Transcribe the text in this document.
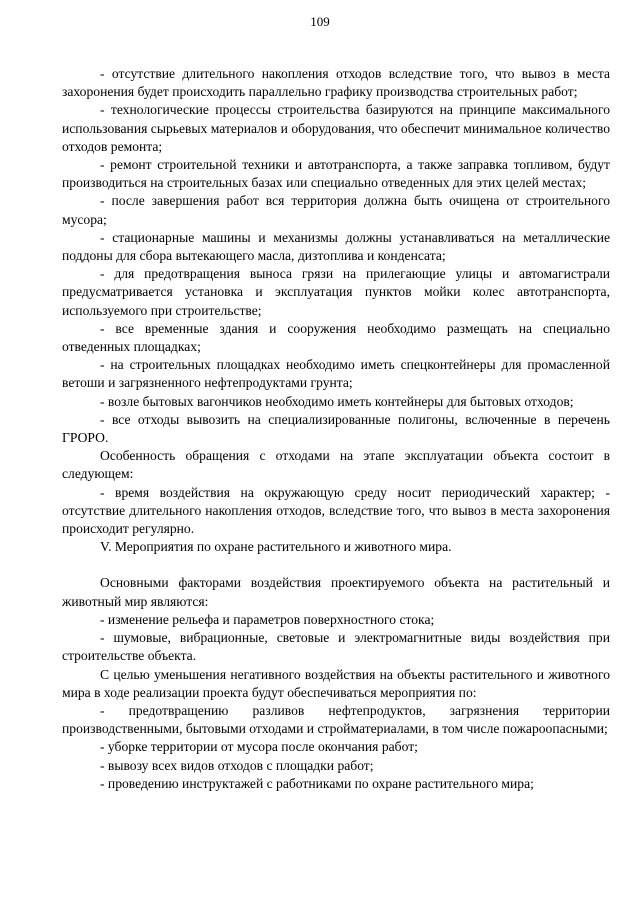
109

- отсутствие длительного накопления отходов вследствие того, что вывоз в места захоронения будет происходить параллельно графику производства строительных работ;

- технологические процессы строительства базируются на принципе максимального использования сырьевых материалов и оборудования, что обеспечит минимальное количество отходов ремонта;

- ремонт строительной техники и автотранспорта, а также заправка топливом, будут производиться на строительных базах или специально отведенных для этих целей местах;

- после завершения работ вся территория должна быть очищена от строительного мусора;

- стационарные машины и механизмы должны устанавливаться на металлические поддоны для сбора вытекающего масла, дизтоплива и конденсата;

- для предотвращения выноса грязи на прилегающие улицы и автомагистрали предусматривается установка и эксплуатация пунктов мойки колес автотранспорта, используемого при строительстве;

- все временные здания и сооружения необходимо размещать на специально отведенных площадках;

- на строительных площадках необходимо иметь спецконтейнеры для промасленной ветоши и загрязненного нефтепродуктами грунта;

- возле бытовых вагончиков необходимо иметь контейнеры для бытовых отходов;

- все отходы вывозить на специализированные полигоны, вслюченные в перечень ГРОРО.

Особенность обращения с отходами на этапе эксплуатации объекта состоит в следующем:

- время воздействия на окружающую среду носит периодический характер; - отсутствие длительного накопления отходов, вследствие того, что вывоз в места захоронения происходит регулярно.

V. Мероприятия по охране растительного и животного мира.

Основными факторами воздействия проектируемого объекта на растительный и животный мир являются:

- изменение рельефа и параметров поверхностного стока;

- шумовые, вибрационные, световые и электромагнитные виды воздействия при строительстве объекта.

С целью уменьшения негативного воздействия на объекты растительного и животного мира в ходе реализации проекта будут обеспечиваться мероприятия по:

- предотвращению разливов нефтепродуктов, загрязнения территории производственными, бытовыми отходами и стройматериалами, в том числе пожароопасными;

- уборке территории от мусора после окончания работ;

- вывозу всех видов отходов с площадки работ;

- проведению инструктажей с работниками по охране растительного мира;
